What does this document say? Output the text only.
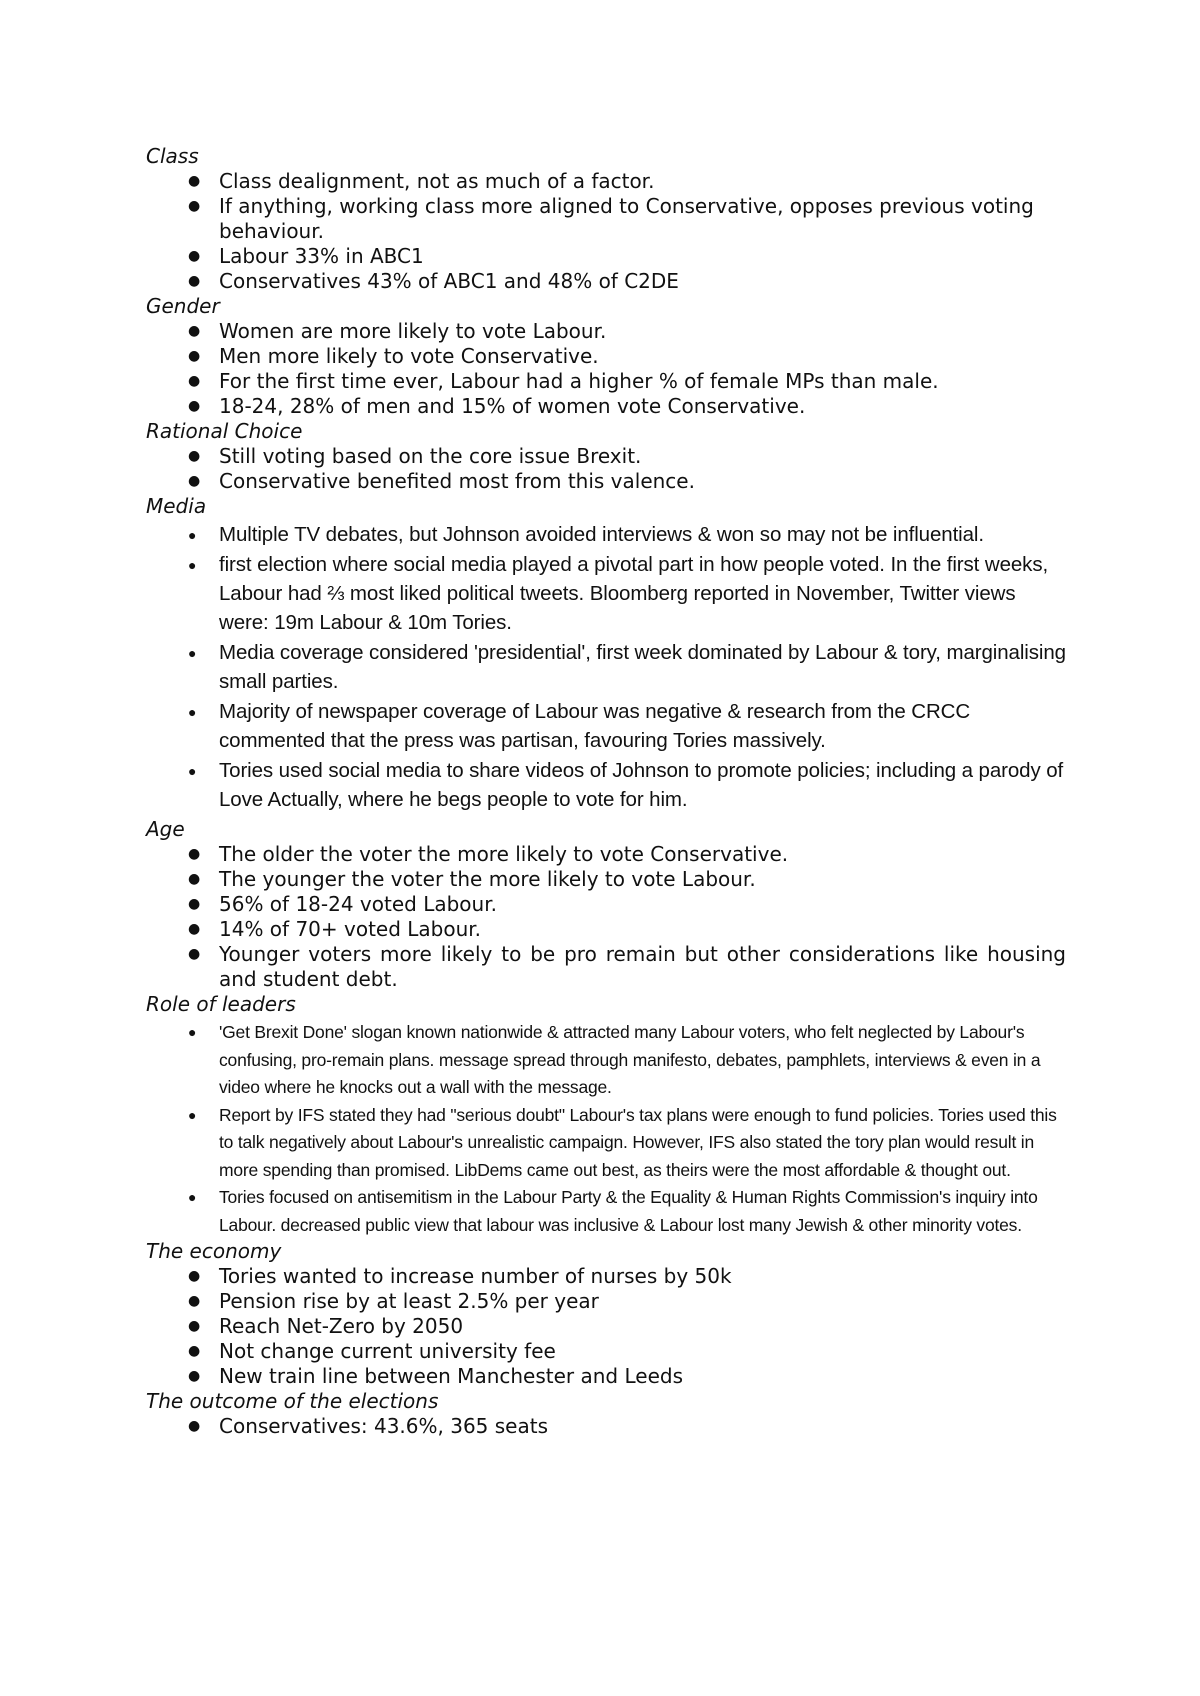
Class
● Class dealignment, not as much of a factor.
● If anything, working class more aligned to Conservative, opposes previous voting behaviour.
● Labour 33% in ABC1
● Conservatives 43% of ABC1 and 48% of C2DE
Gender
● Women are more likely to vote Labour.
● Men more likely to vote Conservative.
● For the first time ever, Labour had a higher % of female MPs than male.
● 18-24, 28% of men and 15% of women vote Conservative.
Rational Choice
● Still voting based on the core issue Brexit.
● Conservative benefited most from this valence.
Media
● Multiple TV debates, but Johnson avoided interviews & won so may not be influential.
● first election where social media played a pivotal part in how people voted. In the first weeks, Labour had ⅔ most liked political tweets. Bloomberg reported in November, Twitter views were: 19m Labour & 10m Tories.
● Media coverage considered 'presidential', first week dominated by Labour & tory, marginalising small parties.
● Majority of newspaper coverage of Labour was negative & research from the CRCC commented that the press was partisan, favouring Tories massively.
● Tories used social media to share videos of Johnson to promote policies; including a parody of Love Actually, where he begs people to vote for him.
Age
● The older the voter the more likely to vote Conservative.
● The younger the voter the more likely to vote Labour.
● 56% of 18-24 voted Labour.
● 14% of 70+ voted Labour.
● Younger voters more likely to be pro remain but other considerations like housing and student debt.
Role of leaders
● 'Get Brexit Done' slogan known nationwide & attracted many Labour voters, who felt neglected by Labour's confusing, pro-remain plans. message spread through manifesto, debates, pamphlets, interviews & even in a video where he knocks out a wall with the message.
● Report by IFS stated they had "serious doubt" Labour's tax plans were enough to fund policies. Tories used this to talk negatively about Labour's unrealistic campaign. However, IFS also stated the tory plan would result in more spending than promised. LibDems came out best, as theirs were the most affordable & thought out.
● Tories focused on antisemitism in the Labour Party & the Equality & Human Rights Commission's inquiry into Labour. decreased public view that labour was inclusive & Labour lost many Jewish & other minority votes.
The economy
● Tories wanted to increase number of nurses by 50k
● Pension rise by at least 2.5% per year
● Reach Net-Zero by 2050
● Not change current university fee
● New train line between Manchester and Leeds
The outcome of the elections
● Conservatives: 43.6%, 365 seats
